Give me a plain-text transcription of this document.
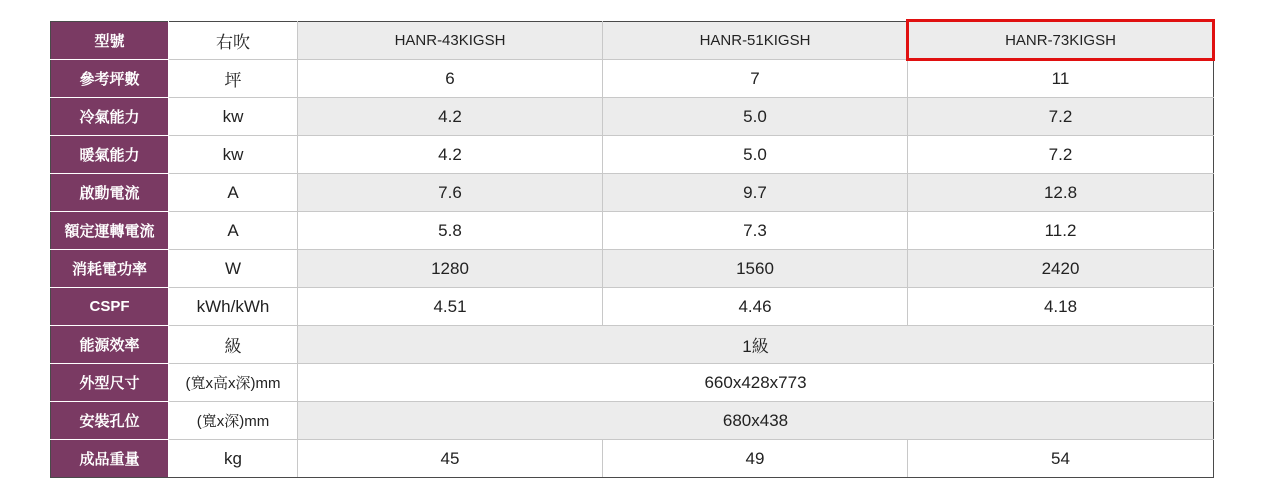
型號	右吹	HANR-43KIGSH	HANR-51KIGSH	HANR-73KIGSH
參考坪數	坪	6	7	11
冷氣能力	kw	4.2	5.0	7.2
暖氣能力	kw	4.2	5.0	7.2
啟動電流	A	7.6	9.7	12.8
額定運轉電流	A	5.8	7.3	11.2
消耗電功率	W	1280	1560	2420
CSPF	kWh/kWh	4.51	4.46	4.18
能源效率	級	1級		
外型尺寸	(寬x高x深)mm	660x428x773		
安裝孔位	(寬x深)mm	680x438		
成品重量	kg	45	49	54
